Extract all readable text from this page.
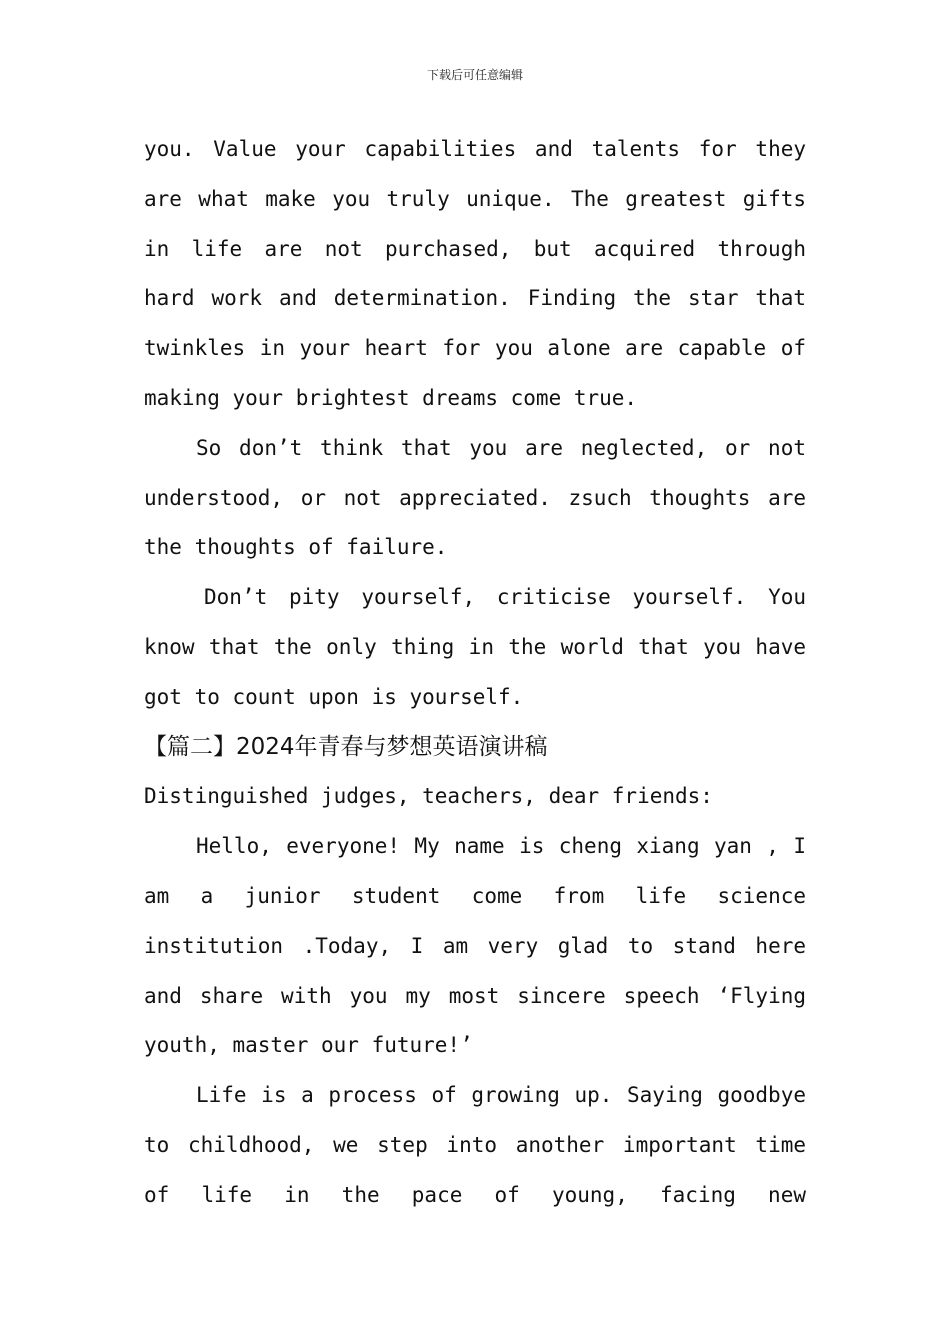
下载后可任意编辑
you. Value your capabilities and talents for they
are what make you truly unique. The greatest gifts
in life are not purchased, but acquired through
hard work and determination. Finding the star that
twinkles in your heart for you alone are capable of
making your brightest dreams come true.
So don’t think that you are neglected, or not
understood, or not appreciated. zsuch thoughts are
the thoughts of failure.
Don’t pity yourself, criticise yourself. You
know that the only thing in the world that you have
got to count upon is yourself.
【篇二】2024年青春与梦想英语演讲稿
Distinguished judges, teachers, dear friends:
Hello, everyone! My name is cheng xiang yan , I
am a junior student come from life science
institution .Today, I am very glad to stand here
and share with you my most sincere speech ‘Flying
youth, master our future!’
Life is a process of growing up. Saying goodbye
to childhood, we step into another important time
of life in the pace of young, facing new
